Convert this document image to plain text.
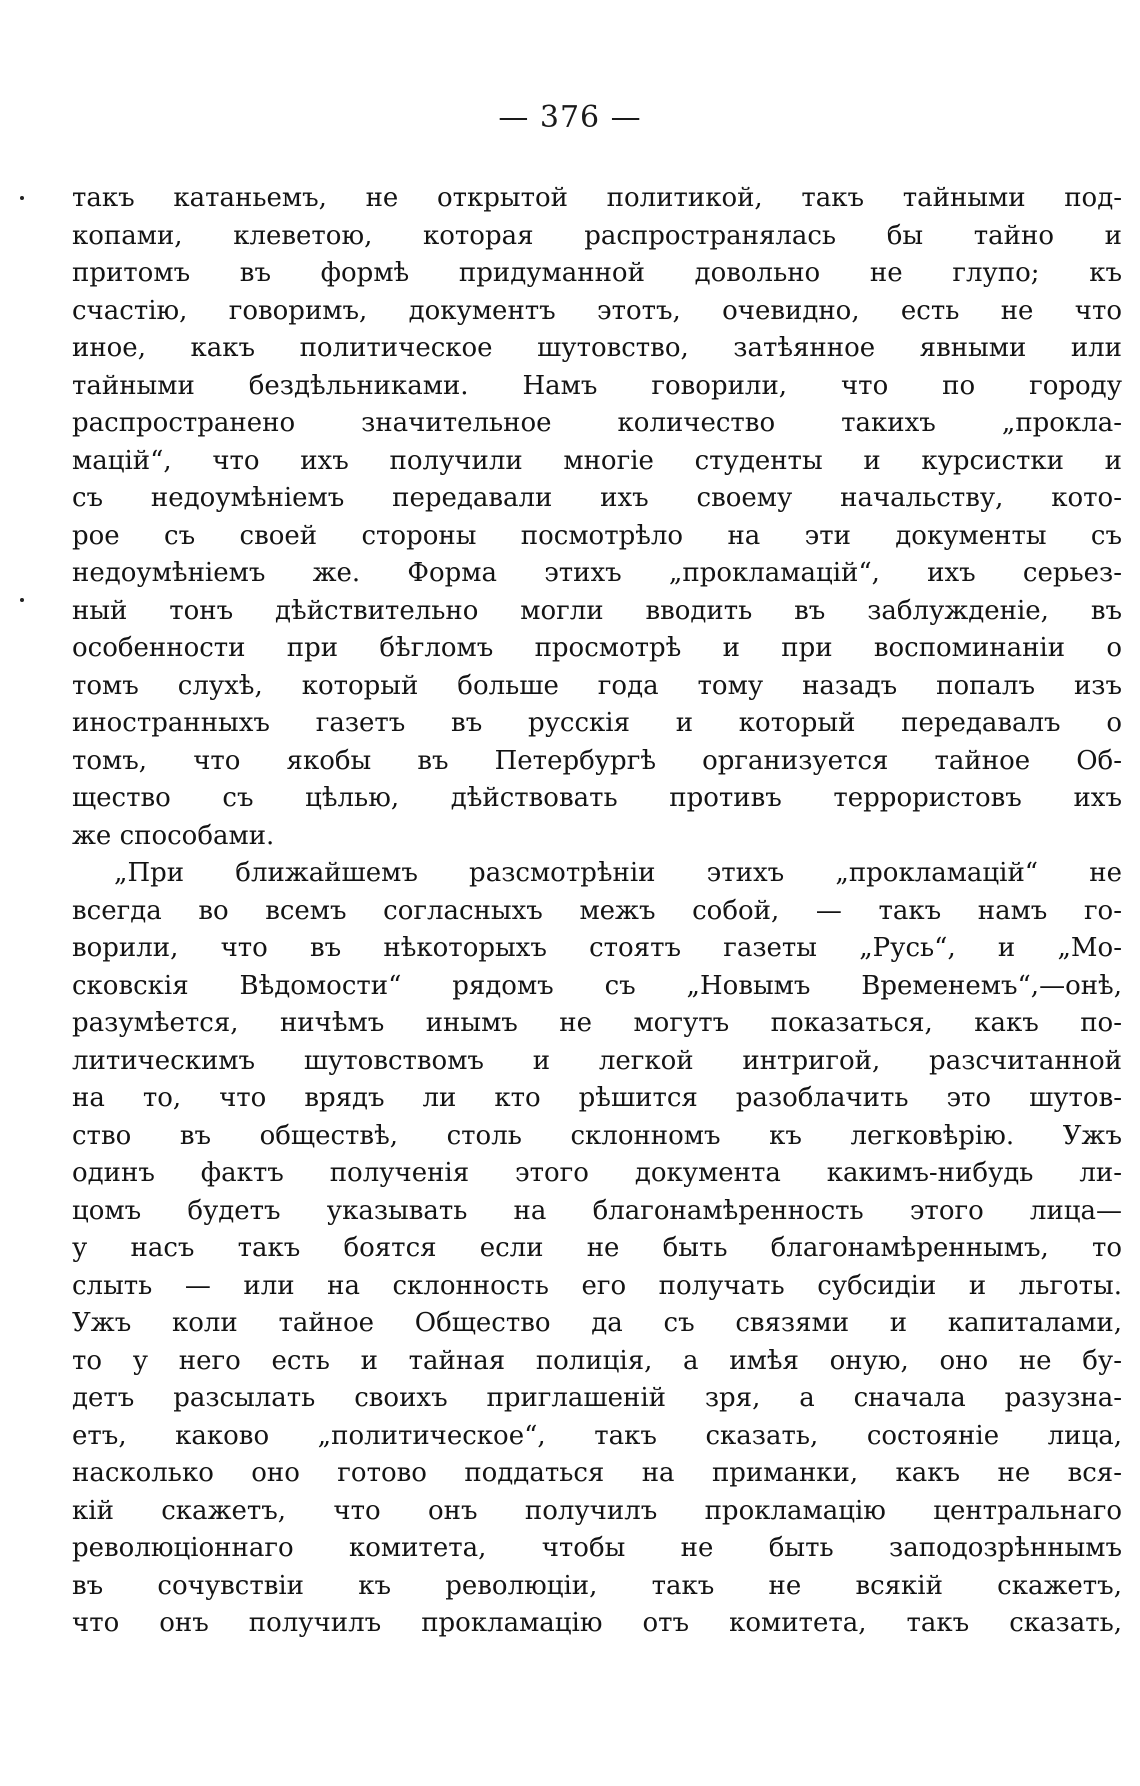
— 376 —
такъ катаньемъ, не открытой политикой, такъ тайными под-
копами, клеветою, которая распространялась бы тайно и
притомъ въ формѣ придуманной довольно не глупо; къ
счастію, говоримъ, документъ этотъ, очевидно, есть не что
иное, какъ политическое шутовство, затѣянное явными или
тайными бездѣльниками. Намъ говорили, что по городу
распространено значительное количество такихъ „прокла-
мацій“, что ихъ получили многіе студенты и курсистки и
съ недоумѣніемъ передавали ихъ своему начальству, кото-
рое съ своей стороны посмотрѣло на эти документы съ
недоумѣніемъ же. Форма этихъ „прокламацій“, ихъ серьез-
ный тонъ дѣйствительно могли вводить въ заблужденіе, въ
особенности при бѣгломъ просмотрѣ и при воспоминаніи о
томъ слухѣ, который больше года тому назадъ попалъ изъ
иностранныхъ газетъ въ русскія и который передавалъ о
томъ, что якобы въ Петербургѣ организуется тайное Об-
щество съ цѣлью, дѣйствовать противъ террористовъ ихъ
же способами.
„При ближайшемъ разсмотрѣніи этихъ „прокламацій“ не
всегда во всемъ согласныхъ межъ собой, — такъ намъ го-
ворили, что въ нѣкоторыхъ стоятъ газеты „Русь“, и „Мо-
сковскія Вѣдомости“ рядомъ съ „Новымъ Временемъ“,—онѣ,
разумѣется, ничѣмъ инымъ не могутъ показаться, какъ по-
литическимъ шутовствомъ и легкой интригой, разсчитанной
на то, что врядъ ли кто рѣшится разоблачить это шутов-
ство въ обществѣ, столь склонномъ къ легковѣрію. Ужъ
одинъ фактъ полученія этого документа какимъ-нибудь ли-
цомъ будетъ указывать на благонамѣренность этого лица—
у насъ такъ боятся если не быть благонамѣреннымъ, то
слыть — или на склонность его получать субсидіи и льготы.
Ужъ коли тайное Общество да съ связями и капиталами,
то у него есть и тайная полиція, а имѣя оную, оно не бу-
детъ разсылать своихъ приглашеній зря, а сначала разузна-
етъ, каково „политическое“, такъ сказать, состояніе лица,
насколько оно готово поддаться на приманки, какъ не вся-
кій скажетъ, что онъ получилъ прокламацію центральнаго
революціоннаго комитета, чтобы не быть заподозрѣннымъ
въ сочувствіи къ революціи, такъ не всякій скажетъ,
что онъ получилъ прокламацію отъ комитета, такъ сказать,
